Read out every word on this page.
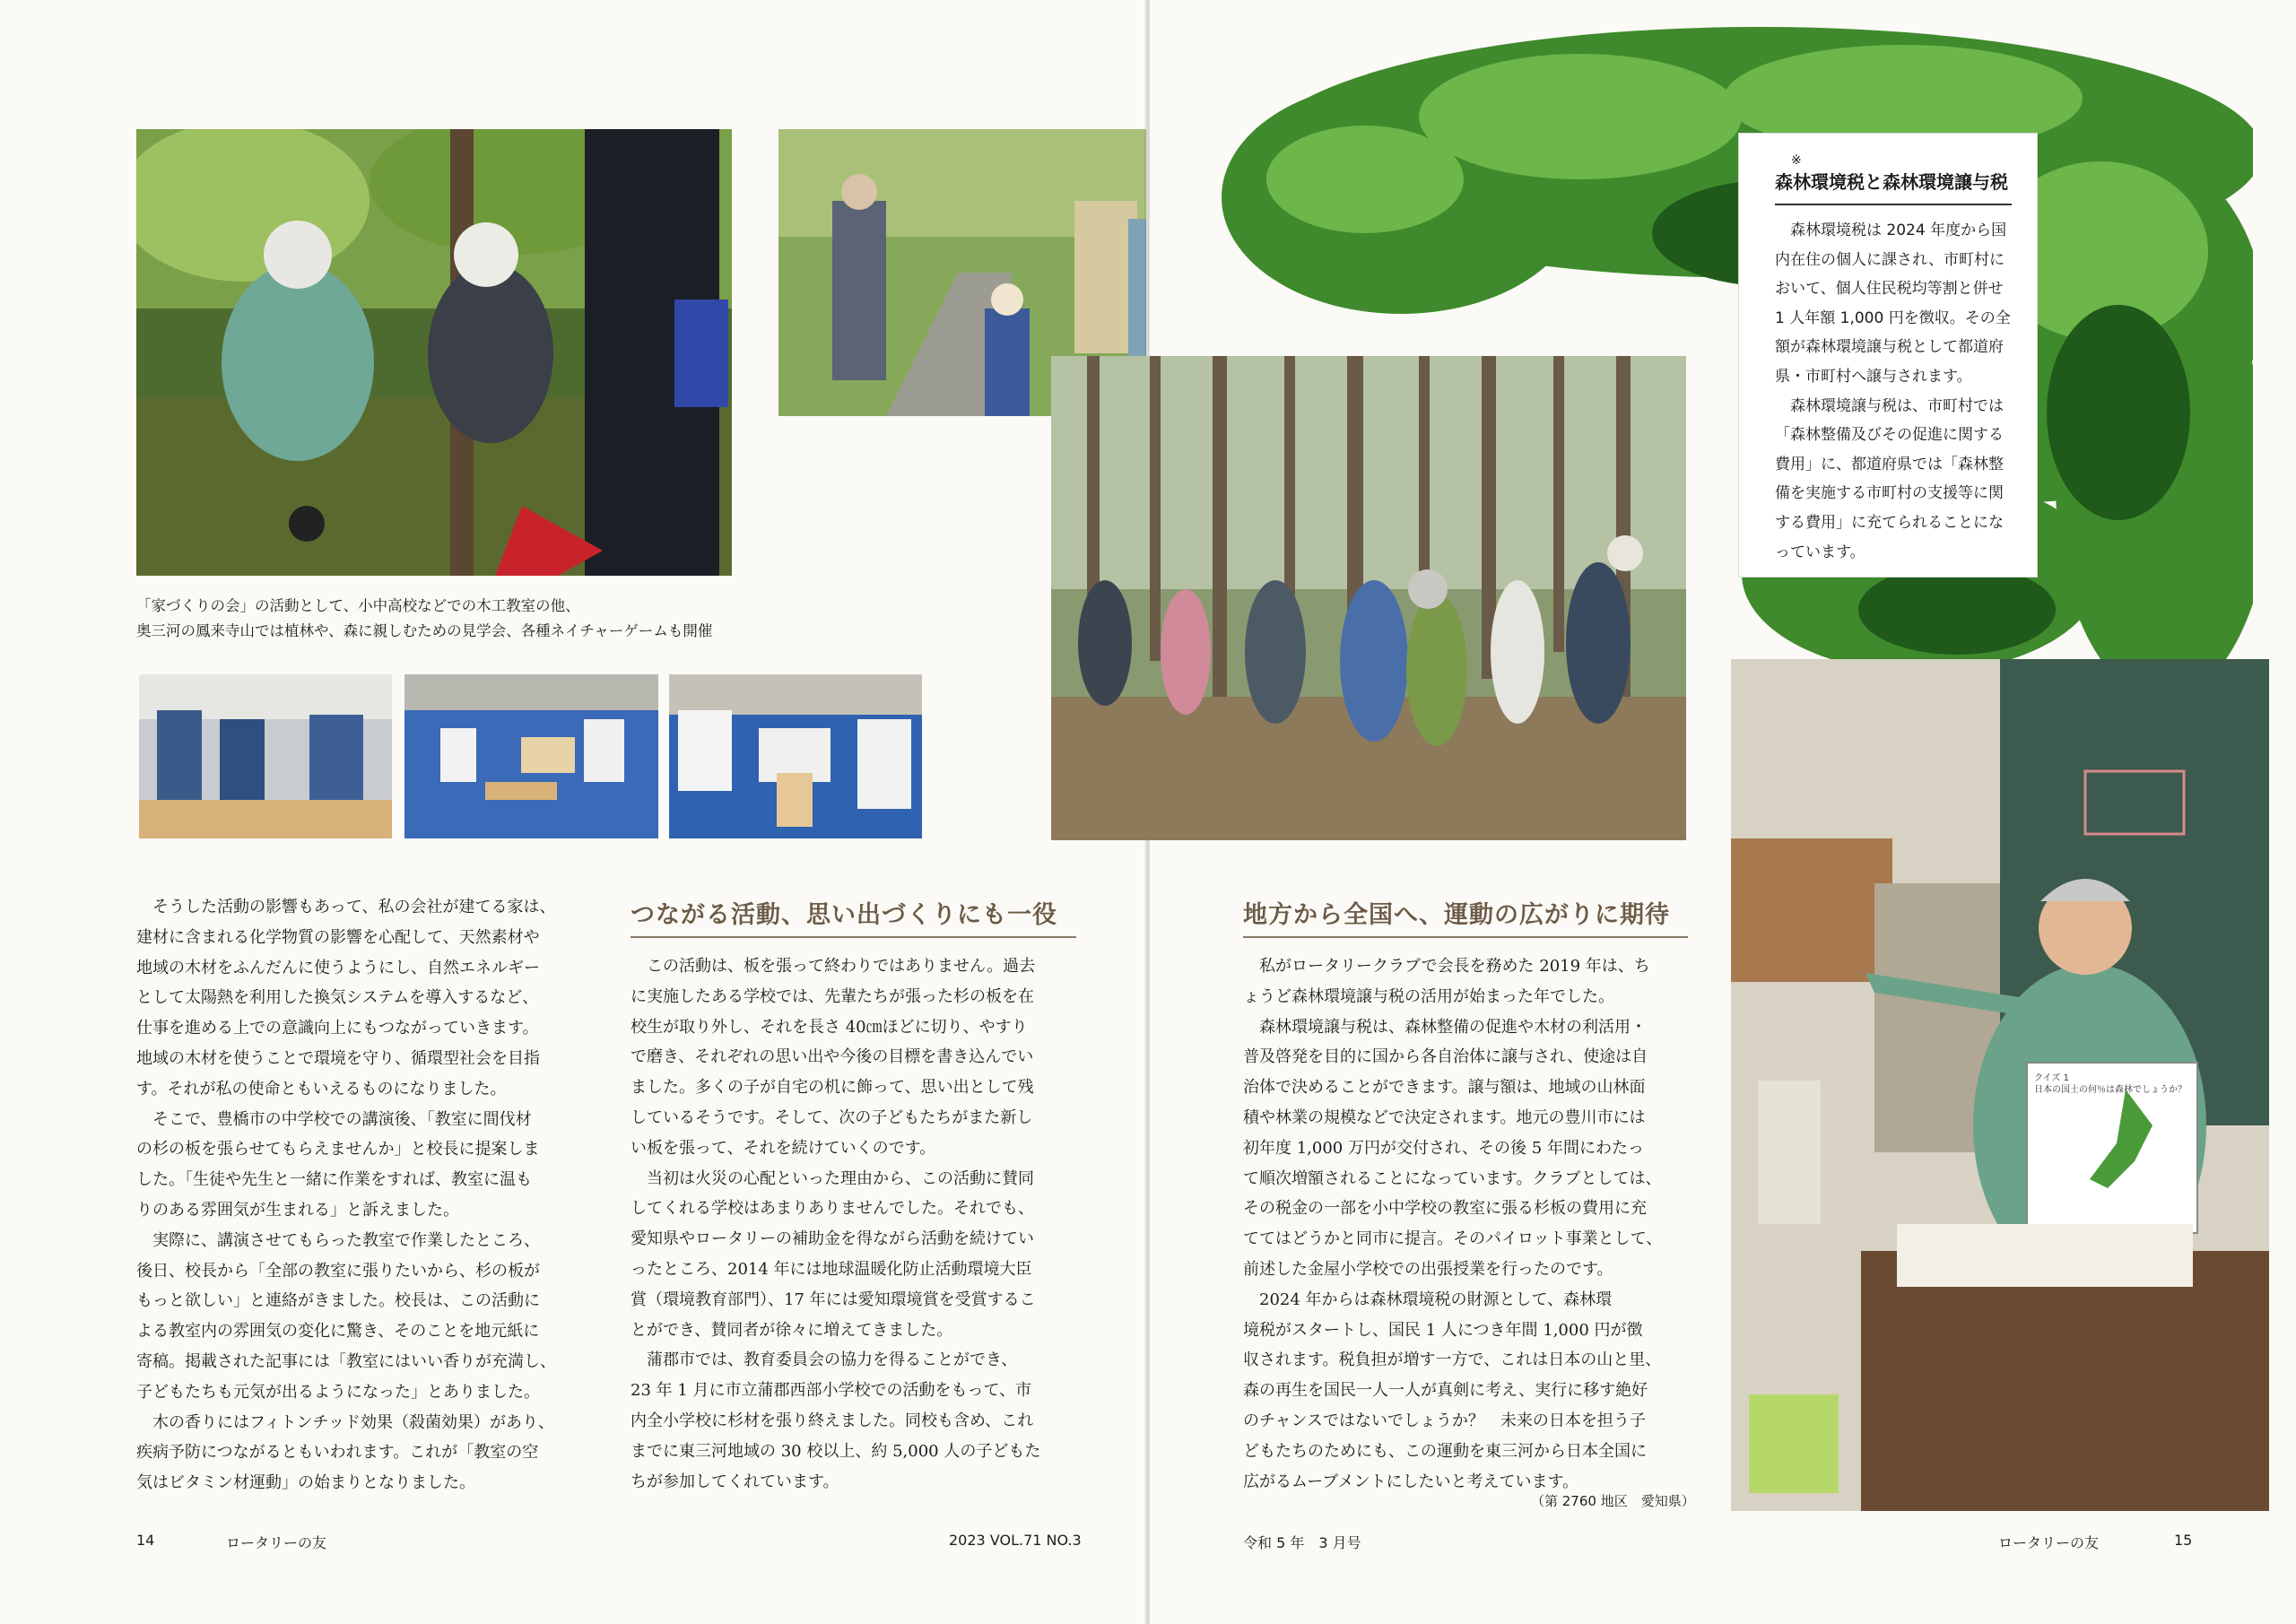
「家づくりの会」の活動として、小中高校などでの木工教室の他、
奥三河の鳳来寺山では植林や、森に親しむための見学会、各種ネイチャーゲームも開催
　そうした活動の影響もあって、私の会社が建てる家は、
建材に含まれる化学物質の影響を心配して、天然素材や
地域の木材をふんだんに使うようにし、自然エネルギー
として太陽熱を利用した換気システムを導入するなど、
仕事を進める上での意識向上にもつながっていきます。
地域の木材を使うことで環境を守り、循環型社会を目指
す。それが私の使命ともいえるものになりました。
　そこで、豊橋市の中学校での講演後、「教室に間伐材
の杉の板を張らせてもらえませんか」と校長に提案しま
した。「生徒や先生と一緒に作業をすれば、教室に温も
りのある雰囲気が生まれる」と訴えました。
　実際に、講演させてもらった教室で作業したところ、
後日、校長から「全部の教室に張りたいから、杉の板が
もっと欲しい」と連絡がきました。校長は、この活動に
よる教室内の雰囲気の変化に驚き、そのことを地元紙に
寄稿。掲載された記事には「教室にはいい香りが充満し、
子どもたちも元気が出るようになった」とありました。
　木の香りにはフィトンチッド効果（殺菌効果）があり、
疾病予防につながるともいわれます。これが「教室の空
気はビタミン材運動」の始まりとなりました。
つながる活動、思い出づくりにも一役
　この活動は、板を張って終わりではありません。過去
に実施したある学校では、先輩たちが張った杉の板を在
校生が取り外し、それを長さ 40㎝ほどに切り、やすり
で磨き、それぞれの思い出や今後の目標を書き込んでい
ました。多くの子が自宅の机に飾って、思い出として残
しているそうです。そして、次の子どもたちがまた新し
い板を張って、それを続けていくのです。
　当初は火災の心配といった理由から、この活動に賛同
してくれる学校はあまりありませんでした。それでも、
愛知県やロータリーの補助金を得ながら活動を続けてい
ったところ、2014 年には地球温暖化防止活動環境大臣
賞（環境教育部門）、17 年には愛知環境賞を受賞するこ
とができ、賛同者が徐々に増えてきました。
　蒲郡市では、教育委員会の協力を得ることができ、
23 年 1 月に市立蒲郡西部小学校での活動をもって、市
内全小学校に杉材を張り終えました。同校も含め、これ
までに東三河地域の 30 校以上、約 5,000 人の子どもた
ちが参加してくれています。
14	ロータリーの友	2023 VOL.71 NO.3
※
森林環境税と森林環境譲与税
　森林環境税は 2024 年度から国
内在住の個人に課され、市町村に
おいて、個人住民税均等割と併せ
1 人年額 1,000 円を徴収。その全
額が森林環境譲与税として都道府
県・市町村へ譲与されます。
　森林環境譲与税は、市町村では
「森林整備及びその促進に関する
費用」に、都道府県では「森林整
備を実施する市町村の支援等に関
する費用」に充てられることにな
っています。
クイズ 1
日本の国土の何％は森林でしょうか？
地方から全国へ、運動の広がりに期待
　私がロータリークラブで会長を務めた 2019 年は、ち
ょうど森林環境譲与税の活用が始まった年でした。
　森林環境譲与税は、森林整備の促進や木材の利活用・
普及啓発を目的に国から各自治体に譲与され、使途は自
治体で決めることができます。譲与額は、地域の山林面
積や林業の規模などで決定されます。地元の豊川市には
初年度 1,000 万円が交付され、その後 5 年間にわたっ
て順次増額されることになっています。クラブとしては、
その税金の一部を小中学校の教室に張る杉板の費用に充
ててはどうかと同市に提言。そのパイロット事業として、
前述した金屋小学校での出張授業を行ったのです。
　2024 年からは森林環境税の財源として、森林環
境税がスタートし、国民 1 人につき年間 1,000 円が徴
収されます。税負担が増す一方で、これは日本の山と里、
森の再生を国民一人一人が真剣に考え、実行に移す絶好
のチャンスではないでしょうか？　未来の日本を担う子
どもたちのためにも、この運動を東三河から日本全国に
広がるムーブメントにしたいと考えています。
（第 2760 地区　愛知県）
令和 5 年　3 月号	ロータリーの友	15
